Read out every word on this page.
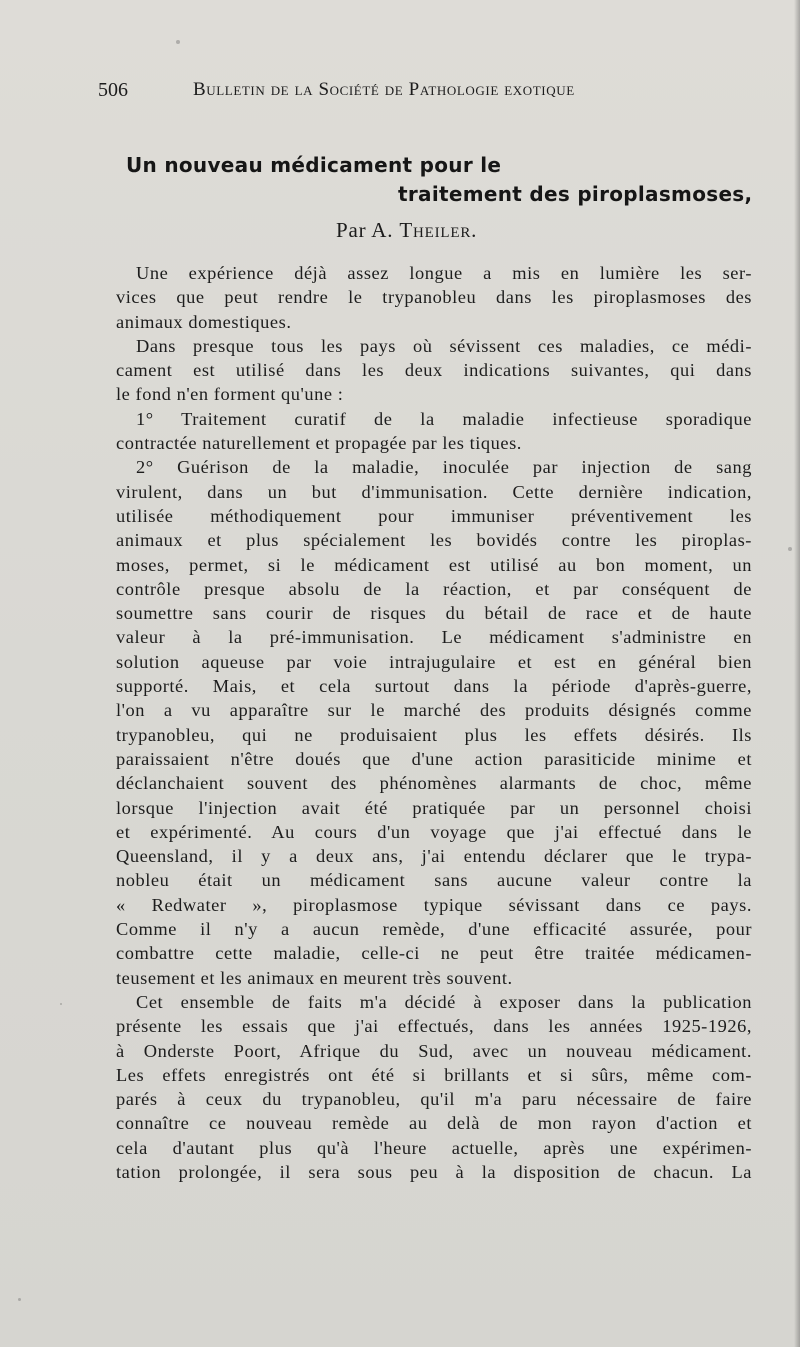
506	Bulletin de la Société de Pathologie exotique
Un nouveau médicament pour le
traitement des piroplasmoses,
Par A. Theiler.
Une expérience déjà assez longue a mis en lumière les ser-
vices que peut rendre le trypanobleu dans les piroplasmoses des
animaux domestiques.
Dans presque tous les pays où sévissent ces maladies, ce médi-
cament est utilisé dans les deux indications suivantes, qui dans
le fond n'en forment qu'une :
1° Traitement curatif de la maladie infectieuse sporadique
contractée naturellement et propagée par les tiques.
2° Guérison de la maladie, inoculée par injection de sang
virulent, dans un but d'immunisation. Cette dernière indication,
utilisée méthodiquement pour immuniser préventivement les
animaux et plus spécialement les bovidés contre les piroplas-
moses, permet, si le médicament est utilisé au bon moment, un
contrôle presque absolu de la réaction, et par conséquent de
soumettre sans courir de risques du bétail de race et de haute
valeur à la pré-immunisation. Le médicament s'administre en
solution aqueuse par voie intrajugulaire et est en général bien
supporté. Mais, et cela surtout dans la période d'après-guerre,
l'on a vu apparaître sur le marché des produits désignés comme
trypanobleu, qui ne produisaient plus les effets désirés. Ils
paraissaient n'être doués que d'une action parasiticide minime et
déclanchaient souvent des phénomènes alarmants de choc, même
lorsque l'injection avait été pratiquée par un personnel choisi
et expérimenté. Au cours d'un voyage que j'ai effectué dans le
Queensland, il y a deux ans, j'ai entendu déclarer que le trypa-
nobleu était un médicament sans aucune valeur contre la
« Redwater », piroplasmose typique sévissant dans ce pays.
Comme il n'y a aucun remède, d'une efficacité assurée, pour
combattre cette maladie, celle-ci ne peut être traitée médicamen-
teusement et les animaux en meurent très souvent.
Cet ensemble de faits m'a décidé à exposer dans la publication
présente les essais que j'ai effectués, dans les années 1925-1926,
à Onderste Poort, Afrique du Sud, avec un nouveau médicament.
Les effets enregistrés ont été si brillants et si sûrs, même com-
parés à ceux du trypanobleu, qu'il m'a paru nécessaire de faire
connaître ce nouveau remède au delà de mon rayon d'action et
cela d'autant plus qu'à l'heure actuelle, après une expérimen-
tation prolongée, il sera sous peu à la disposition de chacun. La
